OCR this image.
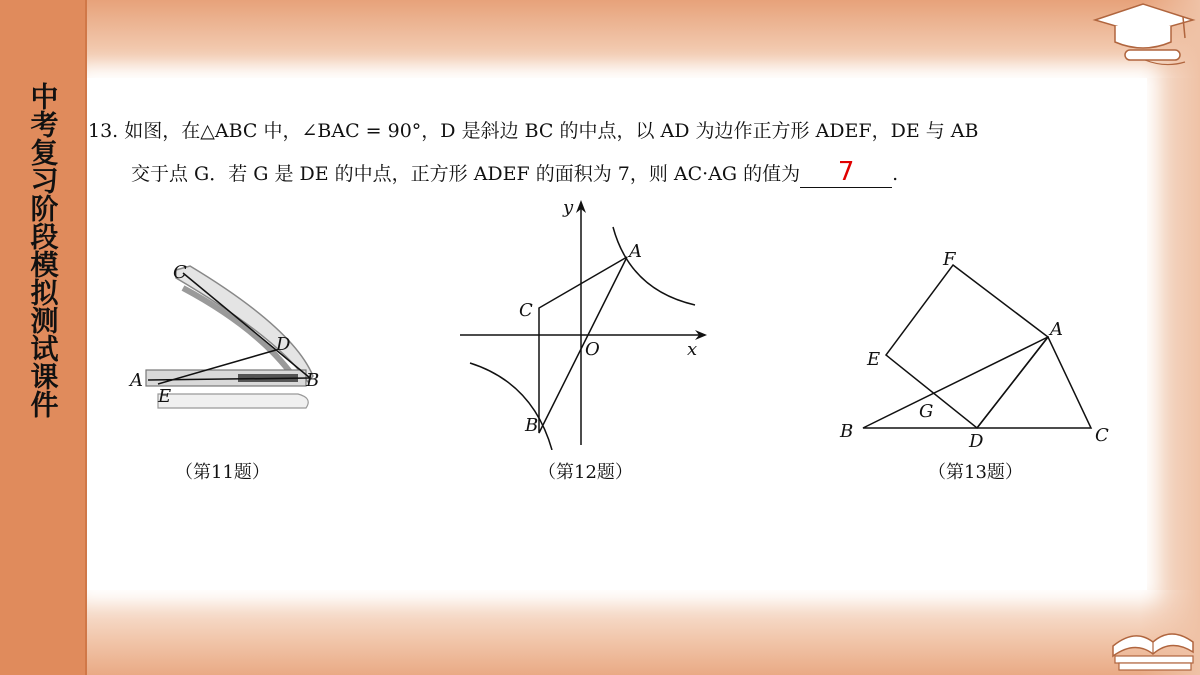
中考复习阶段模拟测试课件	13. 如图，在△ABC 中，∠BAC = 90°，D 是斜边 BC 的中点，以 AD 为边作正方形 ADEF，DE 与 AB
交于点 G．若 G 是 DE 的中点，正方形 ADEF 的面积为 7，则 AC·AG 的值为 7 .
C
D
A
E
B
（第11题）
y
A
C
O	x
B
（第12题）
F
A
E
G
B	D	C
（第13题）
